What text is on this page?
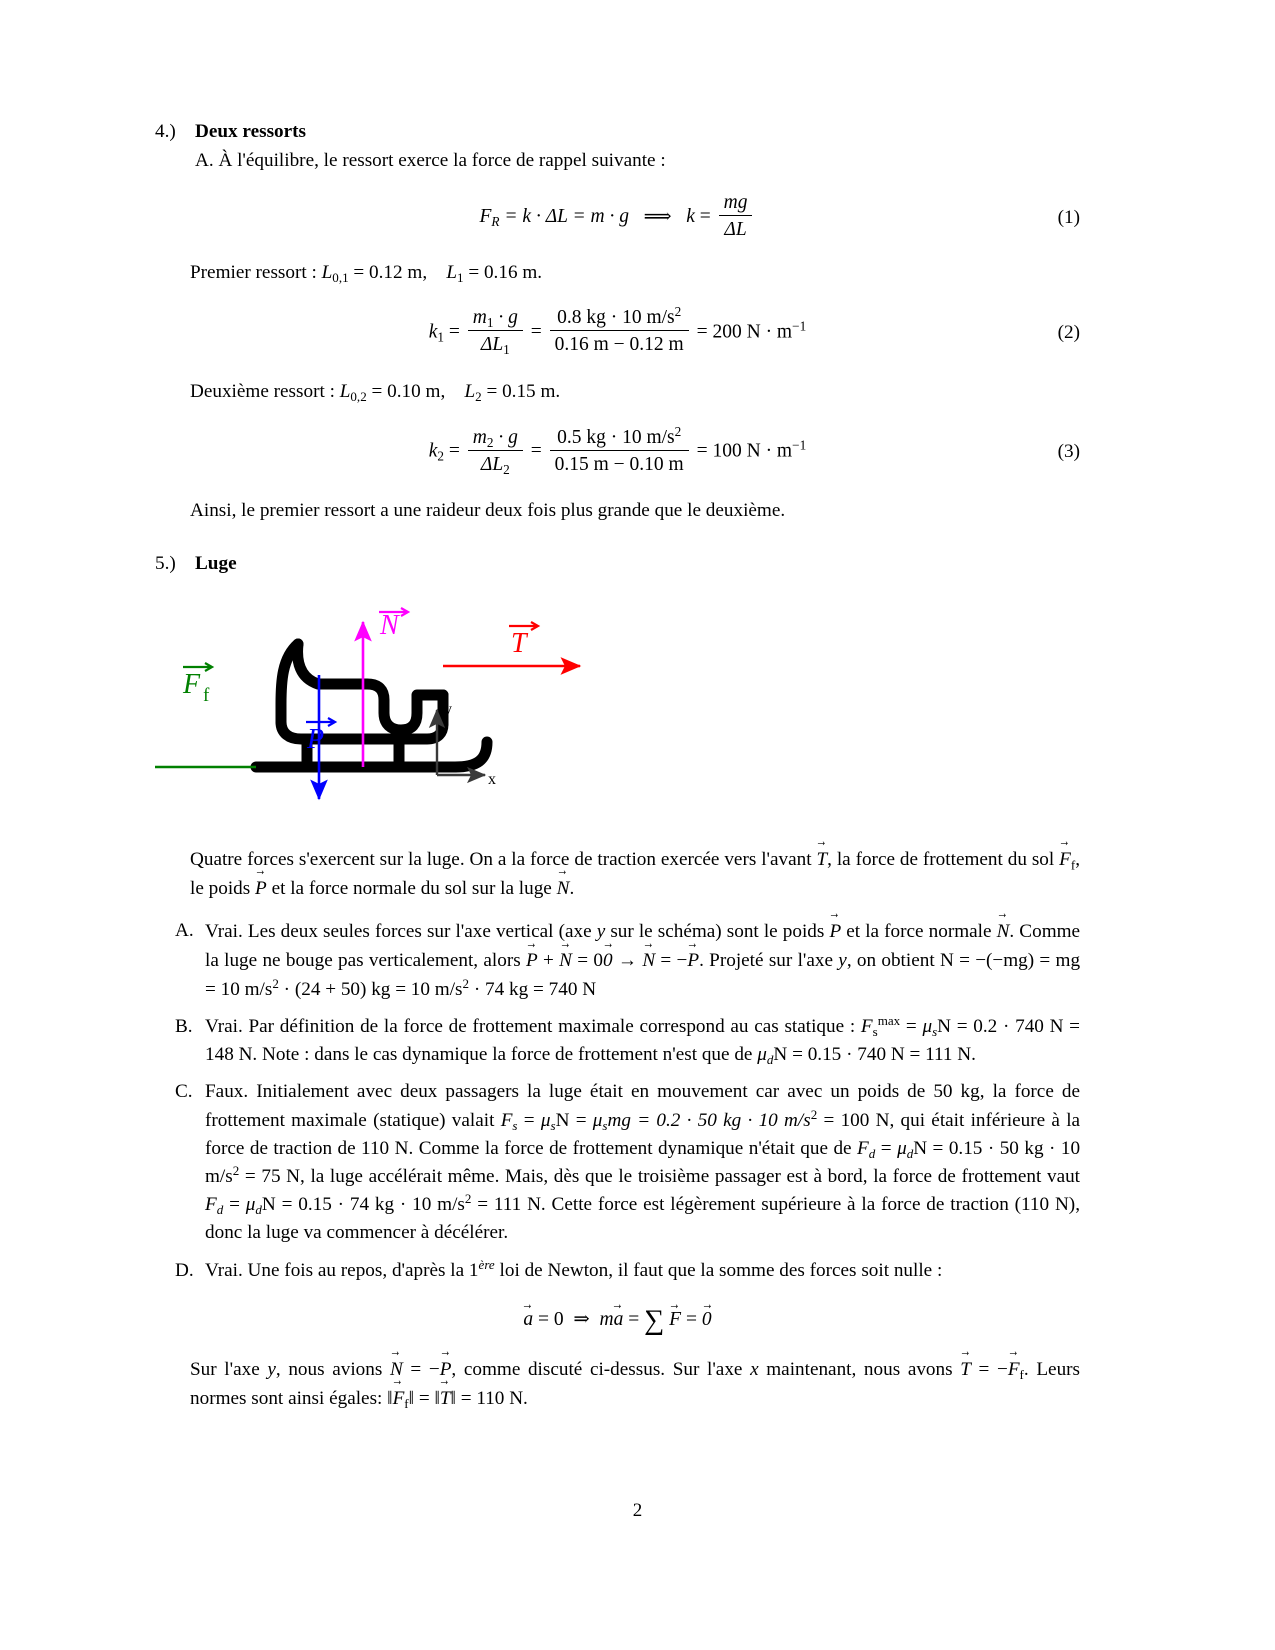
4.)	Deux ressorts
A. À l'équilibre, le ressort exerce la force de rappel suivante :
$F_R = k \cdot \Delta L = m \cdot g$ ⟹ $k = \frac{mg}{\Delta L}$	(1)
Premier ressort : $L_{0,1} = 0.12$ m, $L_1 = 0.16$ m.
$k_1 = \frac{m_1 \cdot g}{\Delta L_1} = \frac{0.8 kg \cdot 10 m/s^2}{0.16 m - 0.12 m} = 200$ $N \cdot m^{-1}$	(2)
Deuxième ressort : $L_{0,2} = 0.10$ m, $L_2 = 0.15$ m.
$k_2 = \frac{m_2 \cdot g}{\Delta L_2} = \frac{0.5 kg \cdot 10 m/s^2}{0.15 m - 0.10 m} = 100$ $N \cdot m^{-1}$	(3)
Ainsi, le premier ressort a une raideur deux fois plus grande que le deuxième.
5.)	Luge
N
T
F f
P
y
x
Quatre forces s'exercent sur la luge. On a la force de traction exercée vers l'avant T →, la force de frottement du sol $F \to_f$, le poids P → et la force normale du sol sur la luge N →.
A. Vrai. Les deux seules forces sur l'axe vertical (axe y sur le schéma) sont le poids P → et la force normale N →. Comme la luge ne bouge pas verticalement, alors P → + N → = 00 → → N → = −P →. Projeté sur l'axe y, on obtient N = −(−mg) = mg = 10 $m/s^2 \cdot (24 + 50)$ kg = 10 $m/s^2 \cdot 74$ kg = 740 N
B. Vrai. Par définition de la force de frottement maximale correspond au cas statique : $F_s^{max} = \mu_sN = 0.2 \cdot 740$ N = 148 N. Note : dans le cas dynamique la force de frottement n'est que de $\mu_dN = 0.15 \cdot 740$ N = 111 N.
C. Faux. Initialement avec deux passagers la luge était en mouvement car avec un poids de 50 kg, la force de frottement maximale (statique) valait $F_s = \mu_sN = \mu_smg = 0.2 \cdot 50$ kg · 10 $m/s^2 = 100$ N, qui était inférieure à la force de traction de 110 N. Comme la force de frottement dynamique n'était que de $F_d = \mu_dN = 0.15 \cdot 50$ kg · 10 $m/s^2 = 75$ N, la luge accélérait même. Mais, dès que le troisième passager est à bord, la force de frottement vaut $F_d = \mu_dN = 0.15 \cdot 74$ kg · 10 $m/s^2 = 111$ N. Cette force est légèrement supérieure à la force de traction (110 N), donc la luge va commencer à décélérer.
D. Vrai. Une fois au repos, d'après la 1ère loi de Newton, il faut que la somme des forces soit nulle :
a → = 0 ⇒ ma → = ∑ F → = 0 →
Sur l'axe y, nous avions N → = −P →, comme discuté ci-dessus. Sur l'axe x maintenant, nous avons T → = $-F \to_f$. Leurs normes sont ainsi égales: ‖F $\to_f‖$ = ‖T →‖ = 110 N.
2
